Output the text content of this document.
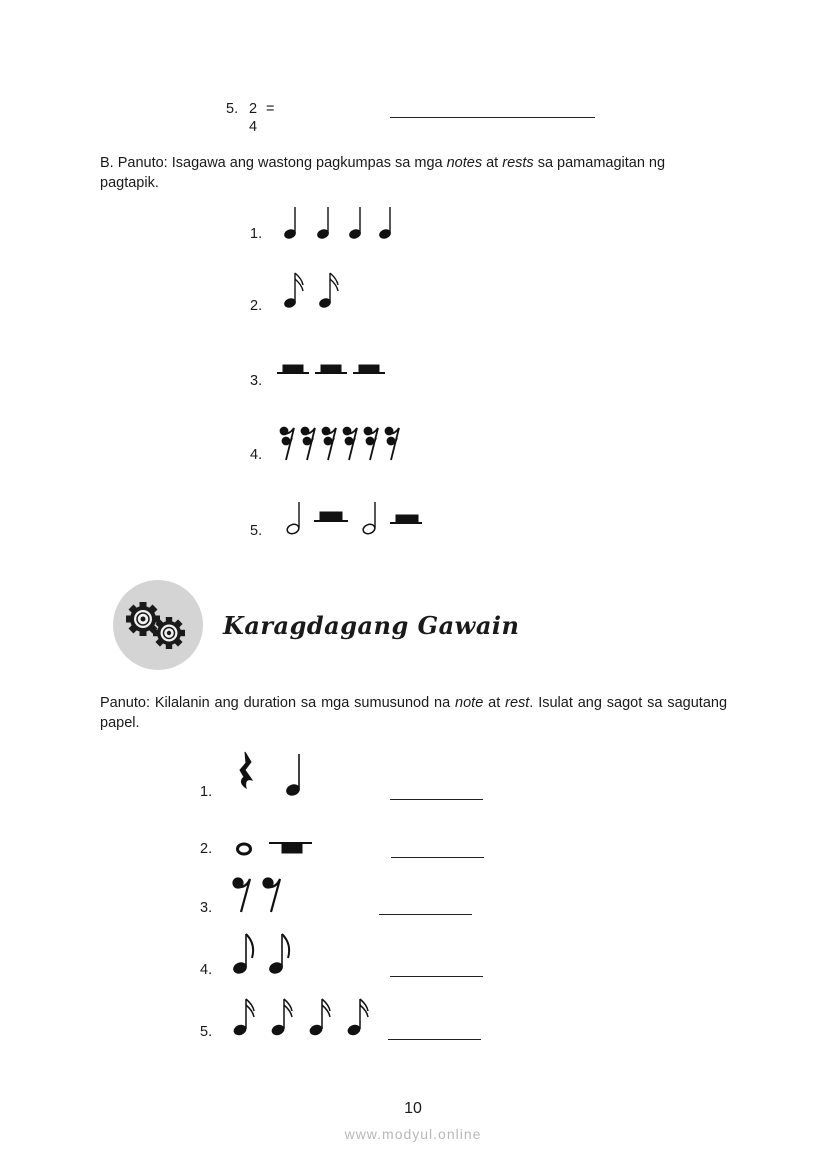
5. 2 =
4
B. Panuto: Isagawa ang wastong pagkumpas sa mga notes at rests sa pamamagitan ng pagtapik.
1.
2.
3.
4.
5.
Karagdagang Gawain
Panuto: Kilalanin ang duration sa mga sumusunod na note at rest. Isulat ang sagot sa sagutang papel.
1.
2.
3.
4.
5.
10
www.modyul.online
